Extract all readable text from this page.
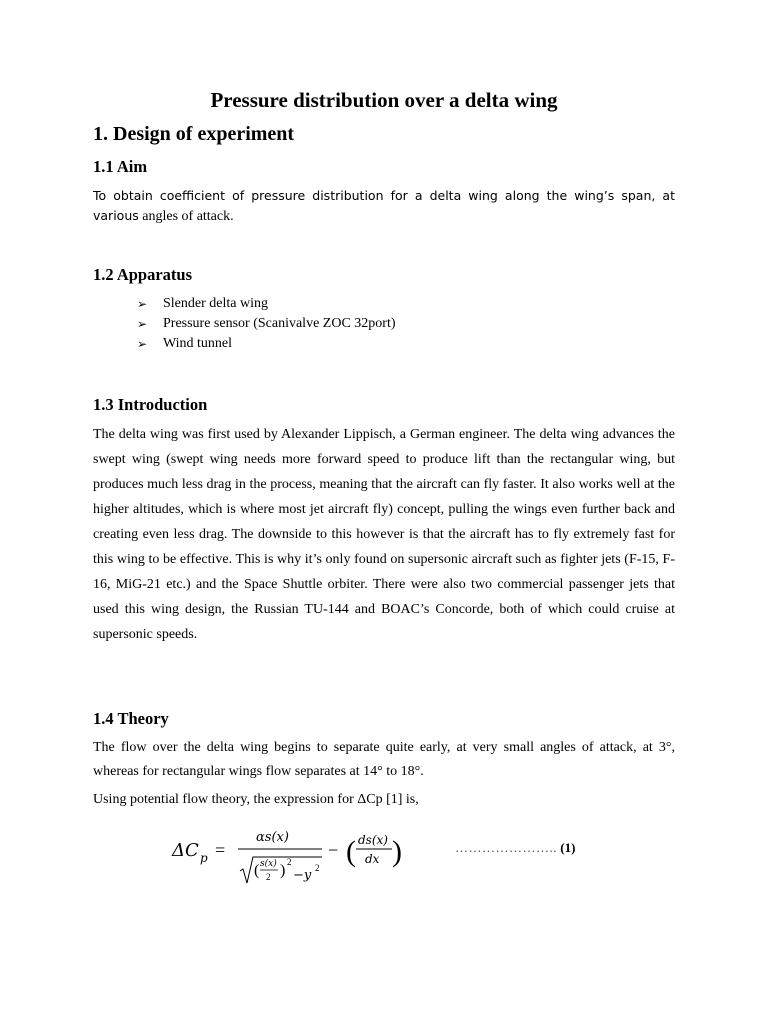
Pressure distribution over a delta wing
1. Design of experiment
1.1 Aim
To obtain coefficient of pressure distribution for a delta wing along the wing’s span, at various angles of attack.
1.2 Apparatus
➢	Slender delta wing
➢	Pressure sensor (Scanivalve ZOC 32port)
➢	Wind tunnel
1.3 Introduction
The delta wing was first used by Alexander Lippisch, a German engineer. The delta wing advances the swept wing (swept wing needs more forward speed to produce lift than the rectangular wing, but produces much less drag in the process, meaning that the aircraft can fly faster. It also works well at the higher altitudes, which is where most jet aircraft fly) concept, pulling the wings even further back and creating even less drag. The downside to this however is that the aircraft has to fly extremely fast for this wing to be effective. This is why it’s only found on supersonic aircraft such as fighter jets (F-15, F-16, MiG-21 etc.) and the Space Shuttle orbiter. There were also two commercial passenger jets that used this wing design, the Russian TU-144 and BOAC’s Concorde, both of which could cruise at supersonic speeds.
1.4 Theory
The flow over the delta wing begins to separate quite early, at very small angles of attack, at 3°, whereas for rectangular wings flow separates at 14° to 18°.
Using potential flow theory, the expression for ΔCp [1] is,
ΔC p =
αs(x)
( s(x)
2 ) 2
−y 2
− ( ds(x)
dx )	………………….. (1)
